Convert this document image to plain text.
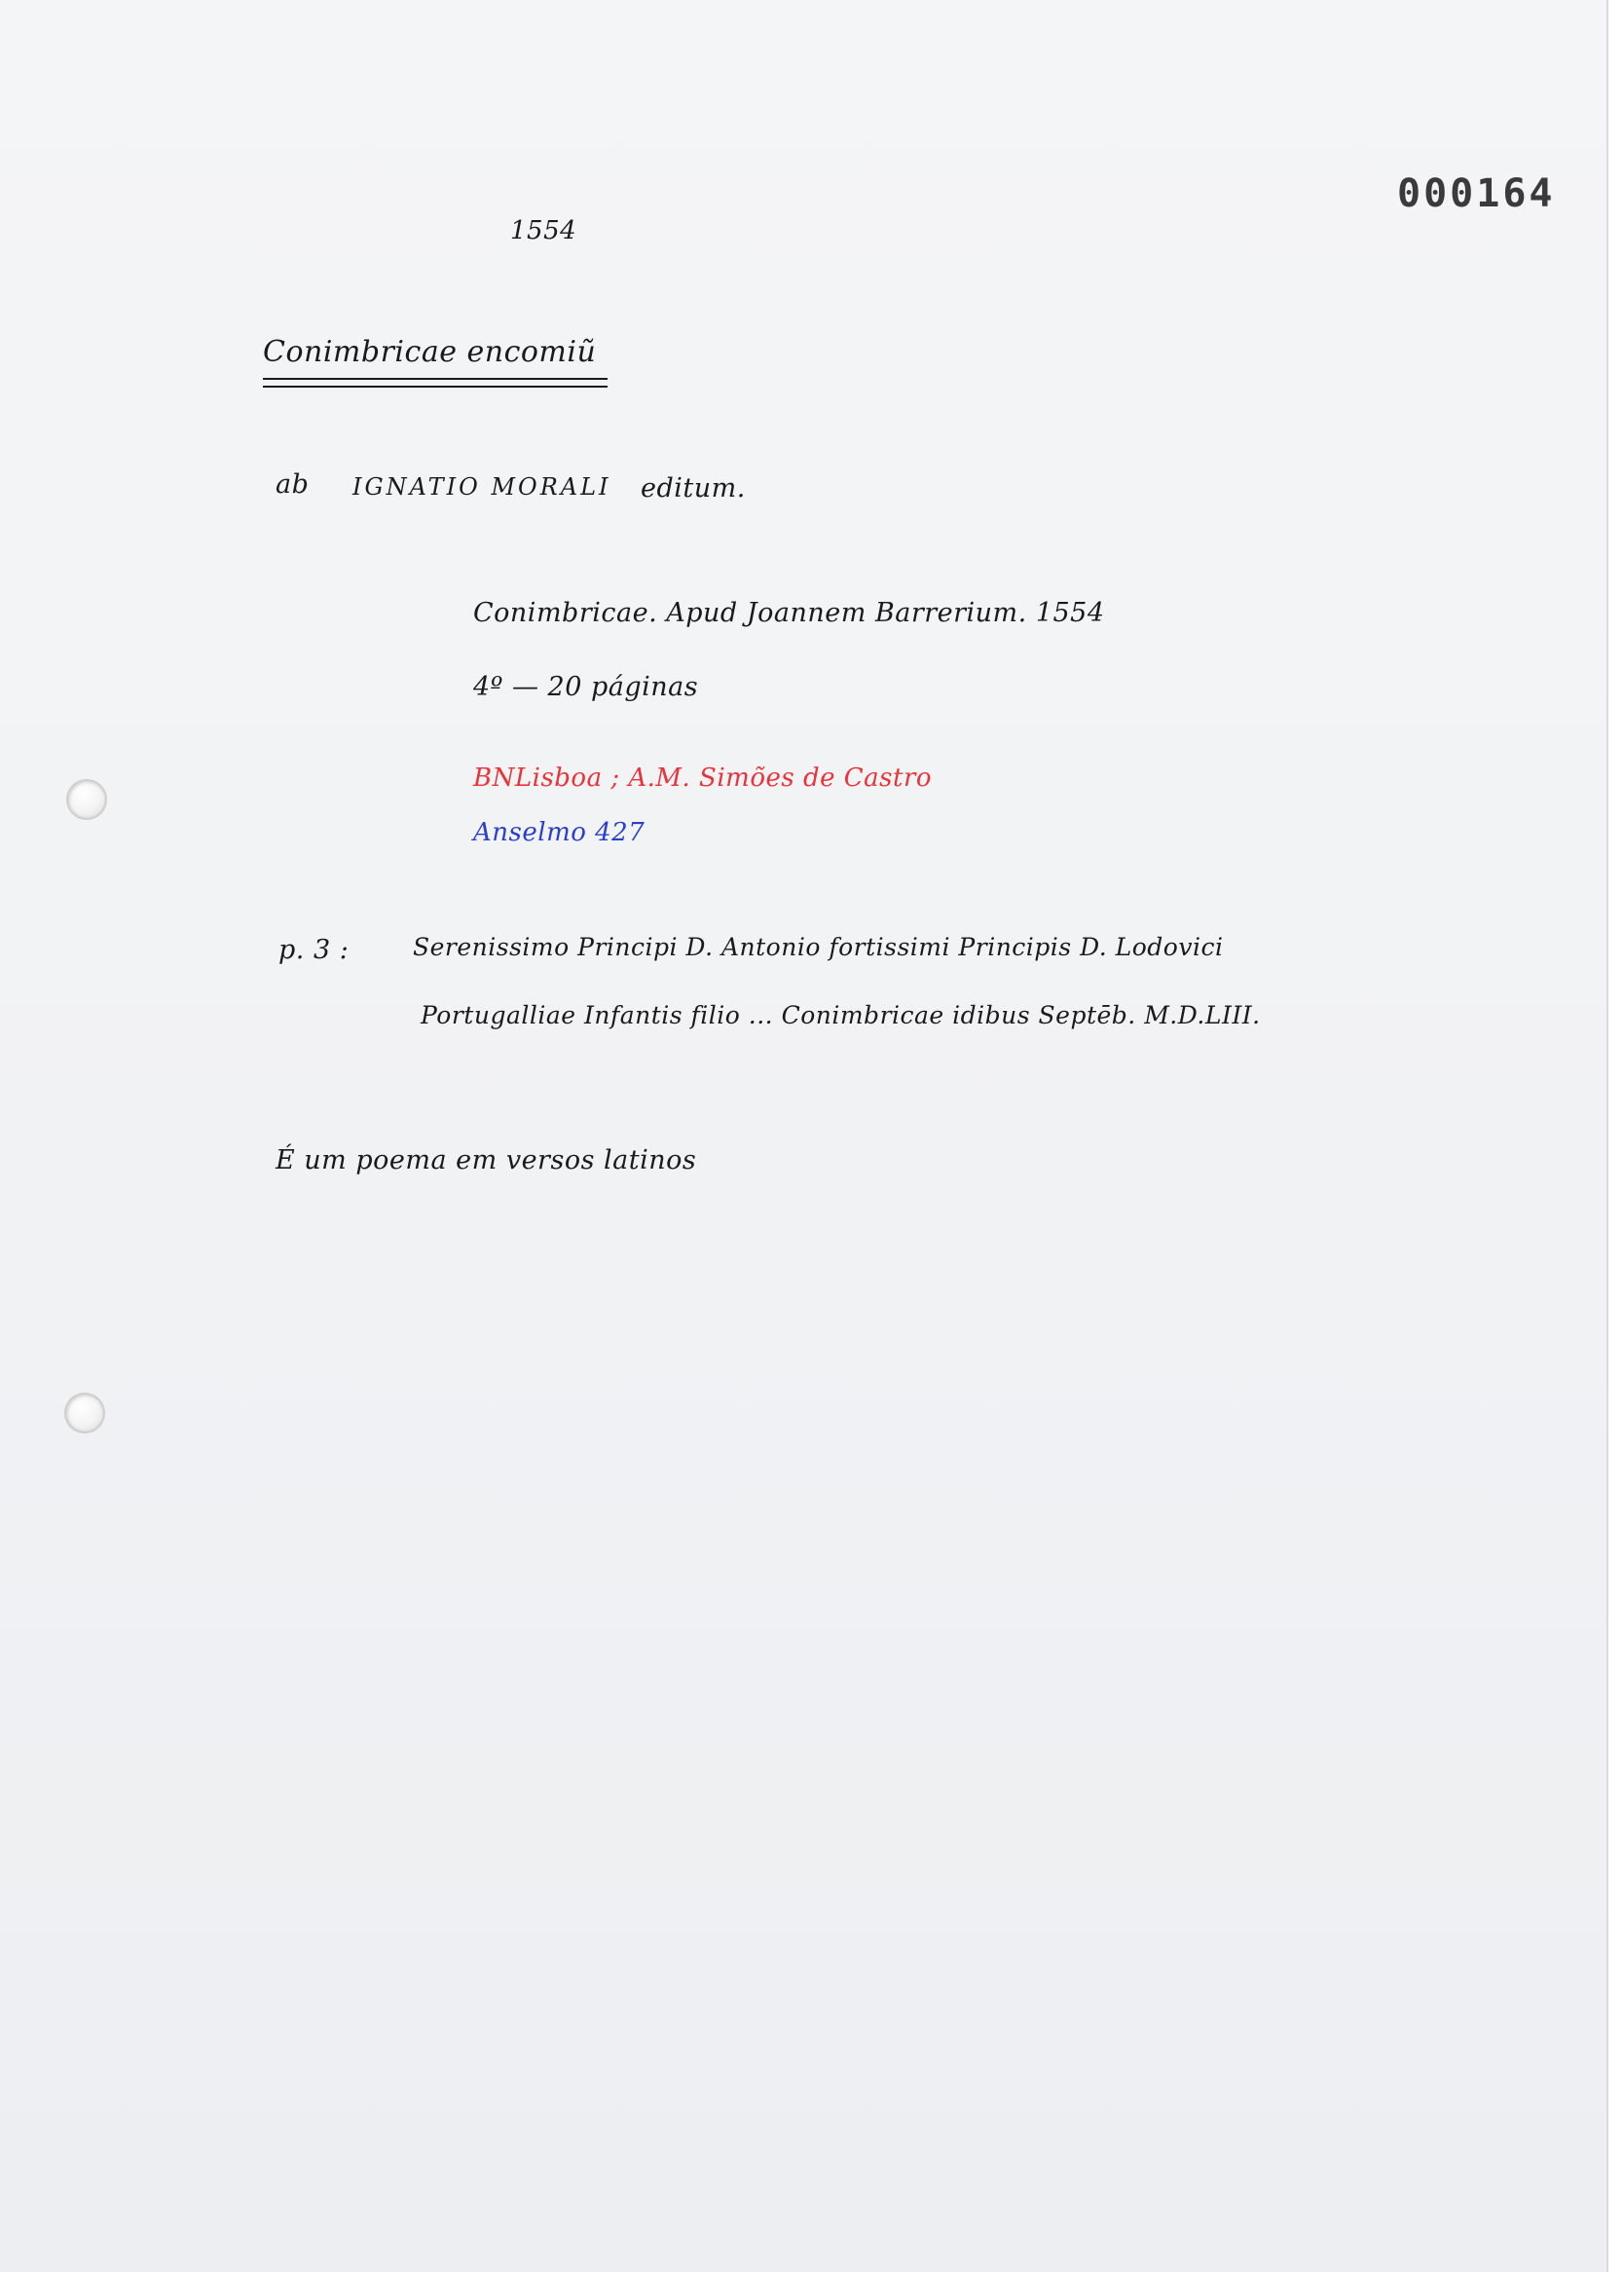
000164
1554
Conimbricae encomiũ
ab IGNATIO MORALI editum.
Conimbricae. Apud Joannem Barrerium. 1554
4º — 20 páginas
BNLisboa ; A.M. Simões de Castro
Anselmo 427
p. 3 :	Serenissimo Principi D. Antonio fortissimi Principis D. Lodovici
Portugalliae Infantis filio ... Conimbricae idibus Septēb. M.D.LIII.
É um poema em versos latinos
